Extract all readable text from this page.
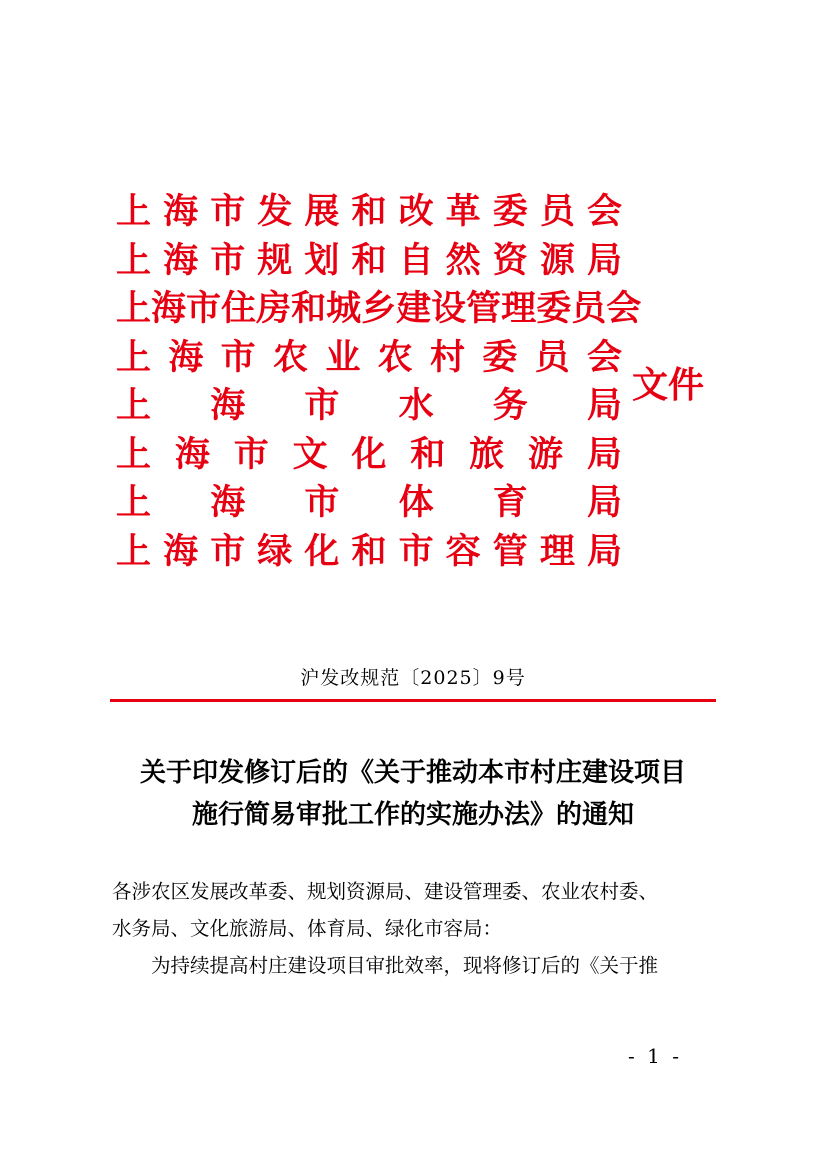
上 海 市 发 展 和 改 革 委 员 会
上 海 市 规 划 和 自 然 资 源 局
上 海 市 住 房 和 城 乡 建 设 管 理 委 员 会
上 海 市 农 业 农 村 委 员 会
上 海 市 水 务 局
上 海 市 文 化 和 旅 游 局
上 海 市 体 育 局
上 海 市 绿 化 和 市 容 管 理 局
文件
沪发改规范〔2025〕9号
关于印发修订后的《关于推动本市村庄建设项目
施行简易审批工作的实施办法》的通知
各涉农区发展改革委、规划资源局、建设管理委、农业农村委、
水务局、文化旅游局、体育局、绿化市容局：
为持续提高村庄建设项目审批效率，现将修订后的《关于推
- 1 -
